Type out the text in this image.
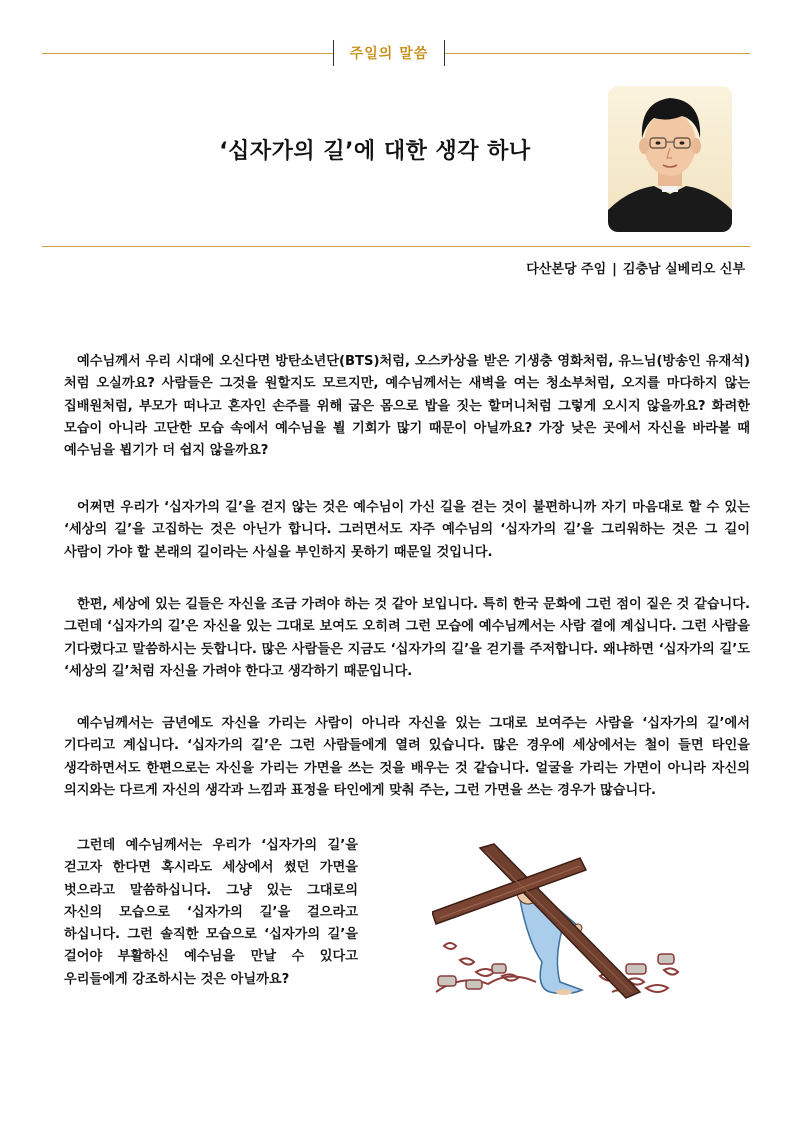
주일의 말씀
‘십자가의 길’에 대한 생각 하나
다산본당 주임 | 김충남 실베리오 신부

예수님께서 우리 시대에 오신다면 방탄소년단(BTS)처럼, 오스카상을 받은 기생충 영화처럼, 유느님(방송인 유재석)처럼 오실까요? 사람들은 그것을 원할지도 모르지만, 예수님께서는 새벽을 여는 청소부처럼, 오지를 마다하지 않는 집배원처럼, 부모가 떠나고 혼자인 손주를 위해 굽은 몸으로 밥을 짓는 할머니처럼 그렇게 오시지 않을까요? 화려한 모습이 아니라 고단한 모습 속에서 예수님을 뵐 기회가 많기 때문이 아닐까요? 가장 낮은 곳에서 자신을 바라볼 때 예수님을 뵙기가 더 쉽지 않을까요?

어쩌면 우리가 ‘십자가의 길’을 걷지 않는 것은 예수님이 가신 길을 걷는 것이 불편하니까 자기 마음대로 할 수 있는 ‘세상의 길’을 고집하는 것은 아닌가 합니다. 그러면서도 자주 예수님의 ‘십자가의 길’을 그리워하는 것은 그 길이 사람이 가야 할 본래의 길이라는 사실을 부인하지 못하기 때문일 것입니다.

한편, 세상에 있는 길들은 자신을 조금 가려야 하는 것 같아 보입니다. 특히 한국 문화에 그런 점이 짙은 것 같습니다. 그런데 ‘십자가의 길’은 자신을 있는 그대로 보여도 오히려 그런 모습에 예수님께서는 사람 곁에 계십니다. 그런 사람을 기다렸다고 말씀하시는 듯합니다. 많은 사람들은 지금도 ‘십자가의 길’을 걷기를 주저합니다. 왜냐하면 ‘십자가의 길’도 ‘세상의 길’처럼 자신을 가려야 한다고 생각하기 때문입니다.

예수님께서는 금년에도 자신을 가리는 사람이 아니라 자신을 있는 그대로 보여주는 사람을 ‘십자가의 길’에서 기다리고 계십니다. ‘십자가의 길’은 그런 사람들에게 열려 있습니다. 많은 경우에 세상에서는 철이 들면 타인을 생각하면서도 한편으로는 자신을 가리는 가면을 쓰는 것을 배우는 것 같습니다. 얼굴을 가리는 가면이 아니라 자신의 의지와는 다르게 자신의 생각과 느낌과 표정을 타인에게 맞춰 주는, 그런 가면을 쓰는 경우가 많습니다.

그런데 예수님께서는 우리가 ‘십자가의 길’을 걷고자 한다면 혹시라도 세상에서 썼던 가면을 벗으라고 말씀하십니다. 그냥 있는 그대로의 자신의 모습으로 ‘십자가의 길’을 걸으라고 하십니다. 그런 솔직한 모습으로 ‘십자가의 길’을 걸어야 부활하신 예수님을 만날 수 있다고 우리들에게 강조하시는 것은 아닐까요?
